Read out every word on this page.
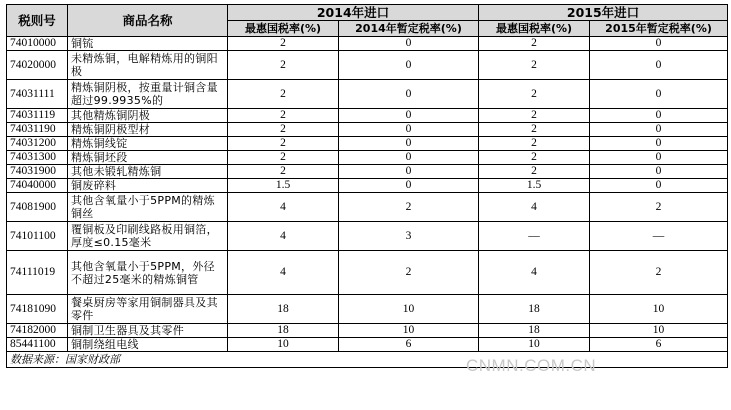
税则号	商品名称	2014年进口		2015年进口	
		最惠国税率(%)	2014年暂定税率(%)	最惠国税率(%)	2015年暂定税率(%)
74010000	铜锍	2	0	2	0
74020000	未精炼铜，电解精炼用的铜阳极	2	0	2	0
74031111	精炼铜阴极，按重量计铜含量超过99.9935%的	2	0	2	0
74031119	其他精炼铜阴极	2	0	2	0
74031190	精炼铜阴极型材	2	0	2	0
74031200	精炼铜线锭	2	0	2	0
74031300	精炼铜坯段	2	0	2	0
74031900	其他未锻轧精炼铜	2	0	2	0
74040000	铜废碎料	1.5	0	1.5	0
74081900	其他含氧量小于5PPM的精炼铜丝	4	2	4	2
74101100	覆铜板及印刷线路板用铜箔，厚度≤0.15毫米	4	3	—	—
74111019	其他含氧量小于5PPM，外径不超过25毫米的精炼铜管	4	2	4	2
74181090	餐桌厨房等家用铜制器具及其零件	18	10	18	10
74182000	铜制卫生器具及其零件	18	10	18	10
85441100	铜制绕组电线	10	6	10	6
数据来源：国家财政部						CNMN.COM.CN
